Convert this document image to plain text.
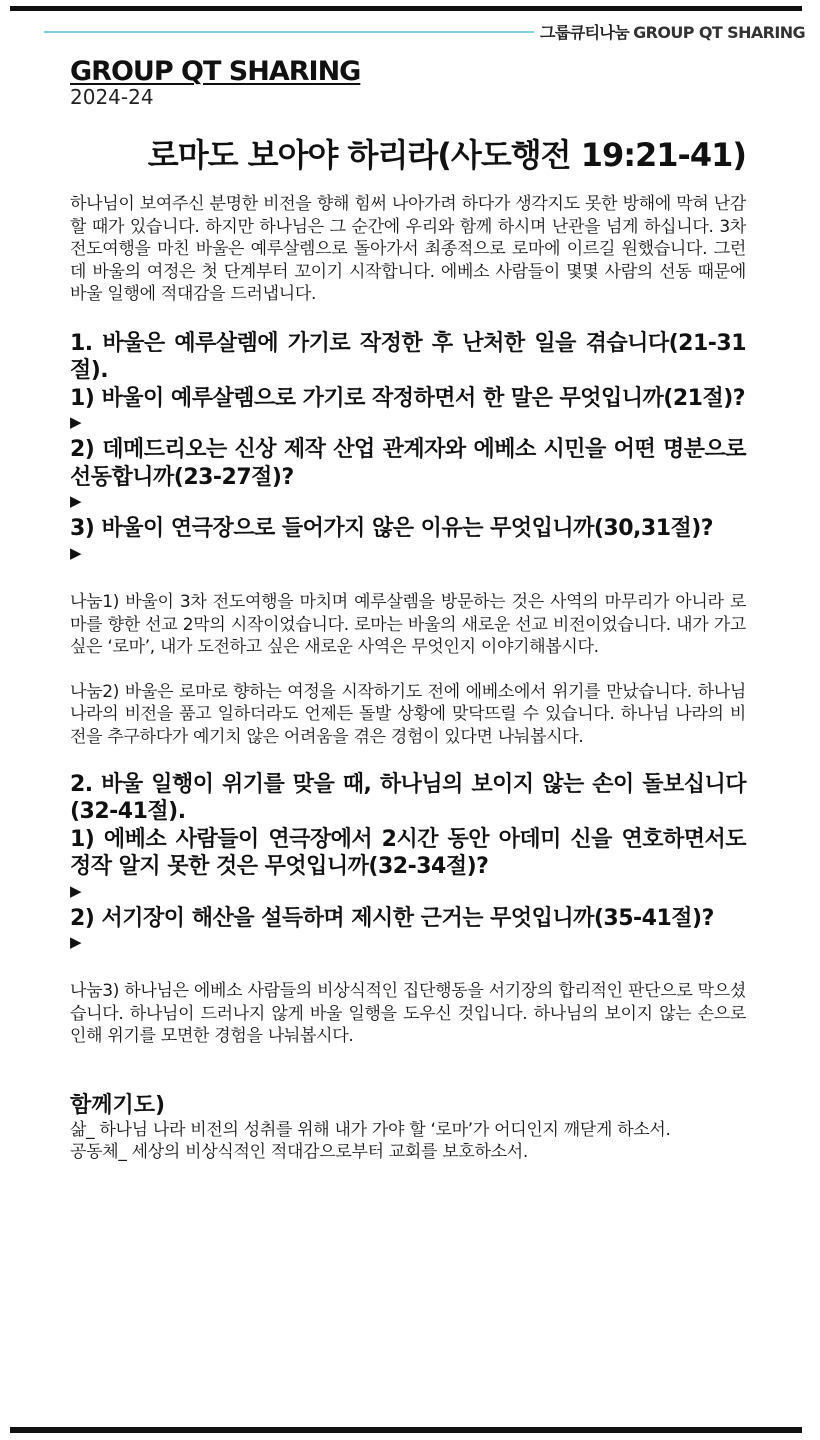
그룹큐티나눔 GROUP QT SHARING
GROUP QT SHARING
2024-24
로마도 보아야 하리라(사도행전 19:21-41)

하나님이 보여주신 분명한 비전을 향해 힘써 나아가려 하다가 생각지도 못한 방해에 막혀 난감할 때가 있습니다. 하지만 하나님은 그 순간에 우리와 함께 하시며 난관을 넘게 하십니다. 3차 전도여행을 마친 바울은 예루살렘으로 돌아가서 최종적으로 로마에 이르길 원했습니다. 그런데 바울의 여정은 첫 단계부터 꼬이기 시작합니다. 에베소 사람들이 몇몇 사람의 선동 때문에 바울 일행에 적대감을 드러냅니다.

1. 바울은 예루살렘에 가기로 작정한 후 난처한 일을 겪습니다(21-31절).

1) 바울이 예루살렘으로 가기로 작정하면서 한 말은 무엇입니까(21절)?

▶

2) 데메드리오는 신상 제작 산업 관계자와 에베소 시민을 어떤 명분으로 선동합니까(23-27절)?

▶

3) 바울이 연극장으로 들어가지 않은 이유는 무엇입니까(30,31절)?

▶

나눔1) 바울이 3차 전도여행을 마치며 예루살렘을 방문하는 것은 사역의 마무리가 아니라 로마를 향한 선교 2막의 시작이었습니다. 로마는 바울의 새로운 선교 비전이었습니다. 내가 가고 싶은 ‘로마’, 내가 도전하고 싶은 새로운 사역은 무엇인지 이야기해봅시다.

나눔2) 바울은 로마로 향하는 여정을 시작하기도 전에 에베소에서 위기를 만났습니다. 하나님 나라의 비전을 품고 일하더라도 언제든 돌발 상황에 맞닥뜨릴 수 있습니다. 하나님 나라의 비전을 추구하다가 예기치 않은 어려움을 겪은 경험이 있다면 나눠봅시다.

2. 바울 일행이 위기를 맞을 때, 하나님의 보이지 않는 손이 돌보십니다(32-41절).

1) 에베소 사람들이 연극장에서 2시간 동안 아데미 신을 연호하면서도 정작 알지 못한 것은 무엇입니까(32-34절)?

▶

2) 서기장이 해산을 설득하며 제시한 근거는 무엇입니까(35-41절)?

▶

나눔3) 하나님은 에베소 사람들의 비상식적인 집단행동을 서기장의 합리적인 판단으로 막으셨습니다. 하나님이 드러나지 않게 바울 일행을 도우신 것입니다. 하나님의 보이지 않는 손으로 인해 위기를 모면한 경험을 나눠봅시다.

함께기도)

삶_ 하나님 나라 비전의 성취를 위해 내가 가야 할 ‘로마’가 어디인지 깨닫게 하소서.

공동체_ 세상의 비상식적인 적대감으로부터 교회를 보호하소서.
